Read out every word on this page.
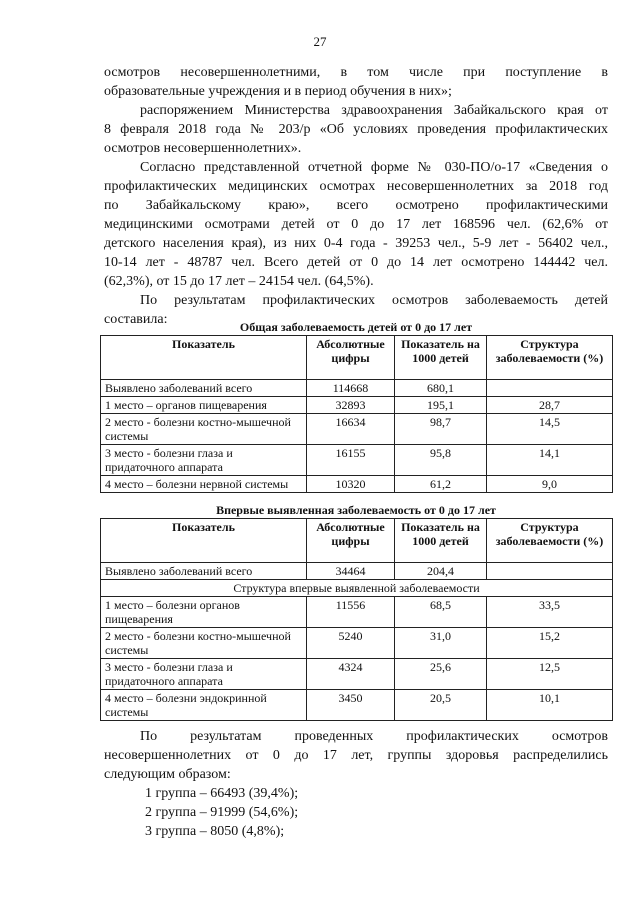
27

осмотров несовершеннолетними, в том числе при поступление в
образовательные учреждения и в период обучения в них»;

распоряжением Министерства здравоохранения Забайкальского края от
8 февраля 2018 года № 203/р «Об условиях проведения профилактических
осмотров несовершеннолетних».

Согласно представленной отчетной форме № 030-ПО/о-17 «Сведения о
профилактических медицинских осмотрах несовершеннолетних за 2018 год
по Забайкальскому краю», всего осмотрено профилактическими
медицинскими осмотрами детей от 0 до 17 лет 168596 чел. (62,6% от
детского населения края), из них 0-4 года - 39253 чел., 5-9 лет - 56402 чел.,
10-14 лет - 48787 чел. Всего детей от 0 до 14 лет осмотрено 144442 чел.
(62,3%), от 15 до 17 лет – 24154 чел. (64,5%).

По результатам профилактических осмотров заболеваемость детей
составила:	Общая заболеваемость детей от 0 до 17 лет
Показатель	Абсолютные цифры	Показатель на 1000 детей	Структура заболеваемости (%)
Выявлено заболеваний всего	114668	680,1	
1 место – органов пищеварения	32893	195,1	28,7
2 место - болезни костно-мышечной системы	16634	98,7	14,5
3 место - болезни глаза и придаточного аппарата	16155	95,8	14,1
4 место – болезни нервной системы	10320	61,2	9,0
Впервые выявленная заболеваемость от 0 до 17 лет
Показатель	Абсолютные цифры	Показатель на 1000 детей	Структура заболеваемости (%)
Выявлено заболеваний всего	34464	204,4	
Структура впервые выявленной заболеваемости			
1 место – болезни органов пищеварения	11556	68,5	33,5
2 место - болезни костно-мышечной системы	5240	31,0	15,2
3 место - болезни глаза и придаточного аппарата	4324	25,6	12,5
4 место – болезни эндокринной системы	3450	20,5	10,1

По результатам проведенных профилактических осмотров
несовершеннолетних от 0 до 17 лет, группы здоровья распределились
следующим образом:

1 группа – 66493 (39,4%);
2 группа – 91999 (54,6%);
3 группа – 8050 (4,8%);
